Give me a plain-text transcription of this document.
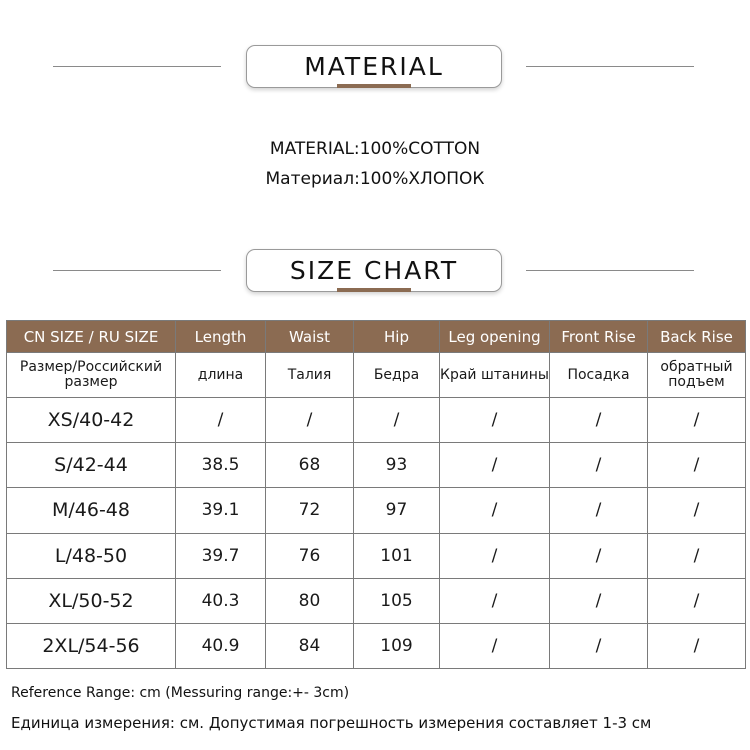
MATERIAL
MATERIAL:100%COTTON
Материал:100%ХЛОПОК
SIZE CHART
CN SIZE / RU SIZE	Length	Waist	Hip	Leg opening	Front Rise	Back Rise
Размер/Российский размер	длина	Талия	Бедра	Край штанины	Посадка	обратный подъем
XS/40-42	/	/	/	/	/	/
S/42-44	38.5	68	93	/	/	/
M/46-48	39.1	72	97	/	/	/
L/48-50	39.7	76	101	/	/	/
XL/50-52	40.3	80	105	/	/	/
2XL/54-56	40.9	84	109	/	/	/
Reference Range: cm (Messuring range:+- 3cm)
Единица измерения: см. Допустимая погрешность измерения составляет 1-3 см
